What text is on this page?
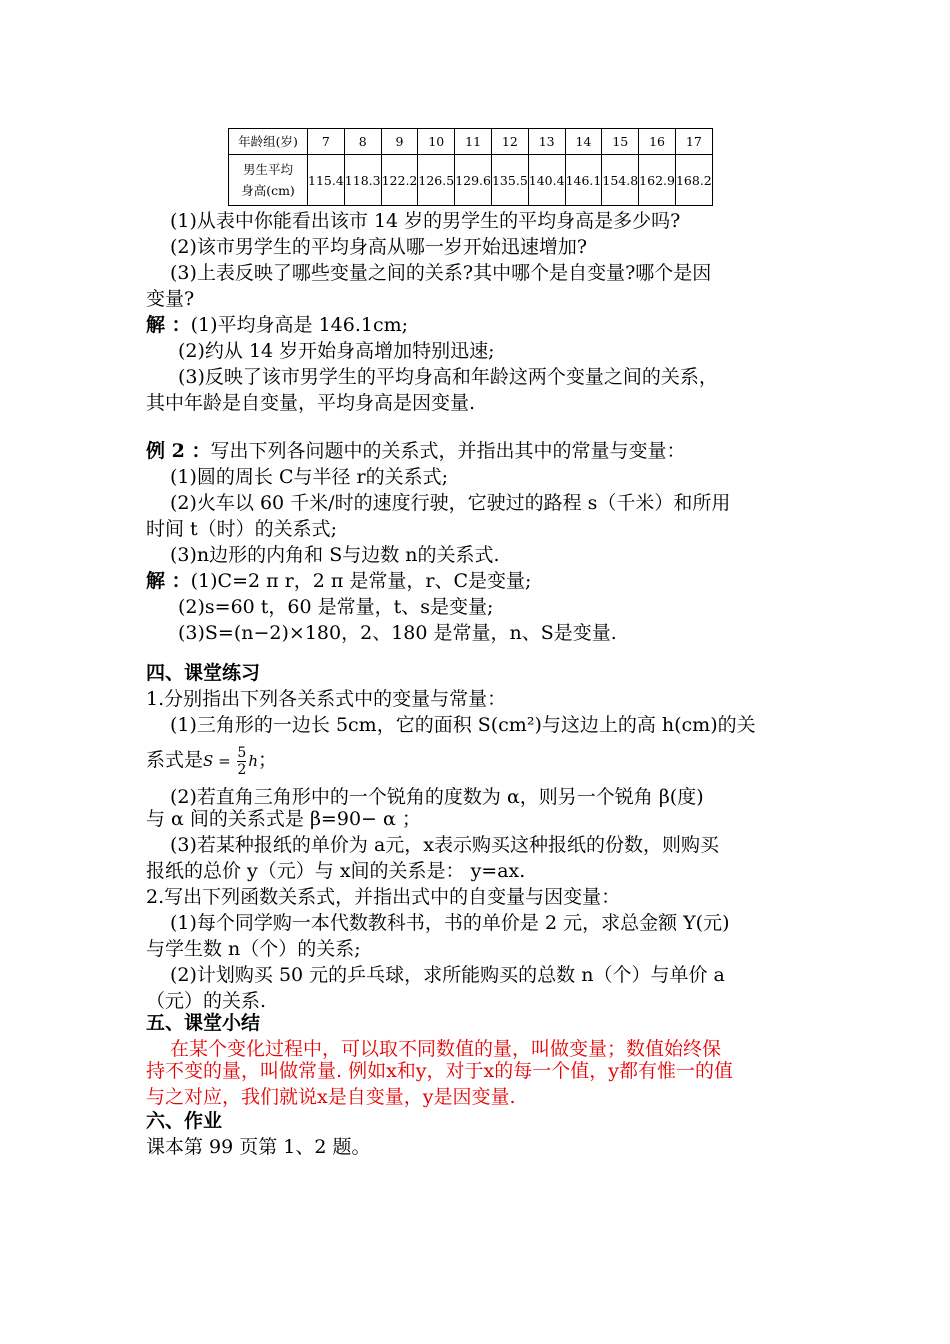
年龄组(岁)	7	8	9	10	11	12	13	14	15	16	17
男生平均
身高(cm)	115.4	118.3	122.2	126.5	129.6	135.5	140.4	146.1	154.8	162.9	168.2
(1)从表中你能看出该市 14 岁的男学生的平均身高是多少吗?
(2)该市男学生的平均身高从哪一岁开始迅速增加?
(3)上表反映了哪些变量之间的关系?其中哪个是自变量?哪个是因
变量?
解 ：(1)平均身高是 146.1cm;
(2)约从 14 岁开始身高增加特别迅速;
(3)反映了该市男学生的平均身高和年龄这两个变量之间的关系，
其中年龄是自变量，平均身高是因变量.
例 2 ：写出下列各问题中的关系式，并指出其中的常量与变量：
(1)圆的周长 C与半径 r的关系式;
(2)火车以 60 千米/时的速度行驶，它驶过的路程 s（千米）和所用
时间 t（时）的关系式;
(3)n边形的内角和 S与边数 n的关系式.
解 ：(1)C=2 π r，2 π 是常量，r、C是变量;
(2)s=60 t，60 是常量，t、s是变量;
(3)S=(n−2)×180，2、180 是常量，n、S是变量.
四、课堂练习
1.分别指出下列各关系式中的变量与常量：
(1)三角形的一边长 5cm，它的面积 S(cm²)与这边上的高 h(cm)的关
系式是$S = \frac{5}{2}$ h；
(2)若直角三角形中的一个锐角的度数为 α，则另一个锐角 β(度)
与 α 间的关系式是 β=90− α ；
(3)若某种报纸的单价为 a元，x表示购买这种报纸的份数，则购买
报纸的总价 y（元）与 x间的关系是： y=ax.
2.写出下列函数关系式，并指出式中的自变量与因变量：
(1)每个同学购一本代数教科书，书的单价是 2 元，求总金额 Y(元)
与学生数 n（个）的关系;
(2)计划购买 50 元的乒乓球，求所能购买的总数 n（个）与单价 a
（元）的关系.
五、课堂小结
在某个变化过程中，可以取不同数值的量，叫做变量；数值始终保
持不变的量，叫做常量. 例如x和y，对于x的每一个值，y都有惟一的值
与之对应，我们就说x是自变量，y是因变量.
六、作业
课本第 99 页第 1、2 题。
